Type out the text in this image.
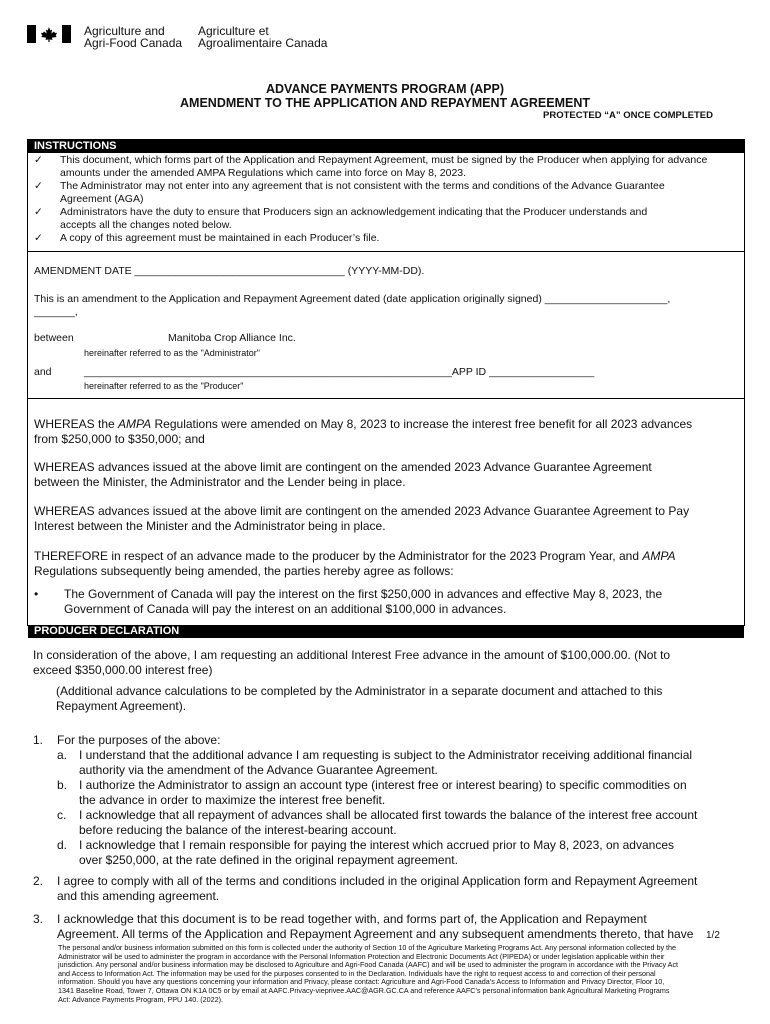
Agriculture and
Agri-Food Canada
Agriculture et
Agroalimentaire Canada
ADVANCE PAYMENTS PROGRAM (APP)
AMENDMENT TO THE APPLICATION AND REPAYMENT AGREEMENT
PROTECTED “A” ONCE COMPLETED
INSTRUCTIONS
✓ This document, which forms part of the Application and Repayment Agreement, must be signed by the Producer when applying for advance amounts under the amended AMPA Regulations which came into force on May 8, 2023.
✓ The Administrator may not enter into any agreement that is not consistent with the terms and conditions of the Advance Guarantee
Agreement (AGA)
✓ Administrators have the duty to ensure that Producers sign an acknowledgement indicating that the Producer understands and
accepts all the changes noted below.
✓ A copy of this agreement must be maintained in each Producer’s file.
AMENDMENT DATE ____________________________________ (YYYY-MM-DD).
This is an amendment to the Application and Repayment Agreement dated (date application originally signed) _____________________,
_______,
between	Manitoba Crop Alliance Inc.
hereinafter referred to as the "Administrator"
and	_______________________________________________________________APP ID __________________
hereinafter referred to as the "Producer"
WHEREAS the AMPA Regulations were amended on May 8, 2023 to increase the interest free benefit for all 2023 advances
from $250,000 to $350,000; and
WHEREAS advances issued at the above limit are contingent on the amended 2023 Advance Guarantee Agreement
between the Minister, the Administrator and the Lender being in place.
WHEREAS advances issued at the above limit are contingent on the amended 2023 Advance Guarantee Agreement to Pay
Interest between the Minister and the Administrator being in place.
THEREFORE in respect of an advance made to the producer by the Administrator for the 2023 Program Year, and AMPA
Regulations subsequently being amended, the parties hereby agree as follows:
• The Government of Canada will pay the interest on the first $250,000 in advances and effective May 8, 2023, the
Government of Canada will pay the interest on an additional $100,000 in advances.
PRODUCER DECLARATION
In consideration of the above, I am requesting an additional Interest Free advance in the amount of $100,000.00. (Not to
exceed $350,000.00 interest free)
(Additional advance calculations to be completed by the Administrator in a separate document and attached to this
Repayment Agreement).
1. For the purposes of the above:
a. I understand that the additional advance I am requesting is subject to the Administrator receiving additional financial
authority via the amendment of the Advance Guarantee Agreement.
b. I authorize the Administrator to assign an account type (interest free or interest bearing) to specific commodities on
the advance in order to maximize the interest free benefit.
c. I acknowledge that all repayment of advances shall be allocated first towards the balance of the interest free account
before reducing the balance of the interest-bearing account.
d. I acknowledge that I remain responsible for paying the interest which accrued prior to May 8, 2023, on advances
over $250,000, at the rate defined in the original repayment agreement.
2. I agree to comply with all of the terms and conditions included in the original Application form and Repayment Agreement
and this amending agreement.
3. I acknowledge that this document is to be read together with, and forms part of, the Application and Repayment
Agreement. All terms of the Application and Repayment Agreement and any subsequent amendments thereto, that have	1/2
The personal and/or business information submitted on this form is collected under the authority of Section 10 of the Agriculture Marketing Programs Act. Any personal information collected by the
Administrator will be used to administer the program in accordance with the Personal Information Protection and Electronic Documents Act (PIPEDA) or under legislation applicable within their
jurisdiction. Any personal and/or business information may be disclosed to Agriculture and Agri-Food Canada (AAFC) and will be used to administer the program in accordance with the Privacy Act
and Access to Information Act. The information may be used for the purposes consented to in the Declaration. Individuals have the right to request access to and correction of their personal
information. Should you have any questions concerning your information and Privacy, please contact: Agriculture and Agri-Food Canada’s Access to Information and Privacy Director, Floor 10,
1341 Baseline Road, Tower 7, Ottawa ON K1A 0C5 or by email at AAFC.Privacy-vieprivee.AAC@AGR.GC.CA and reference AAFC’s personal information bank Agricultural Marketing Programs
Act: Advance Payments Program, PPU 140. (2022).
